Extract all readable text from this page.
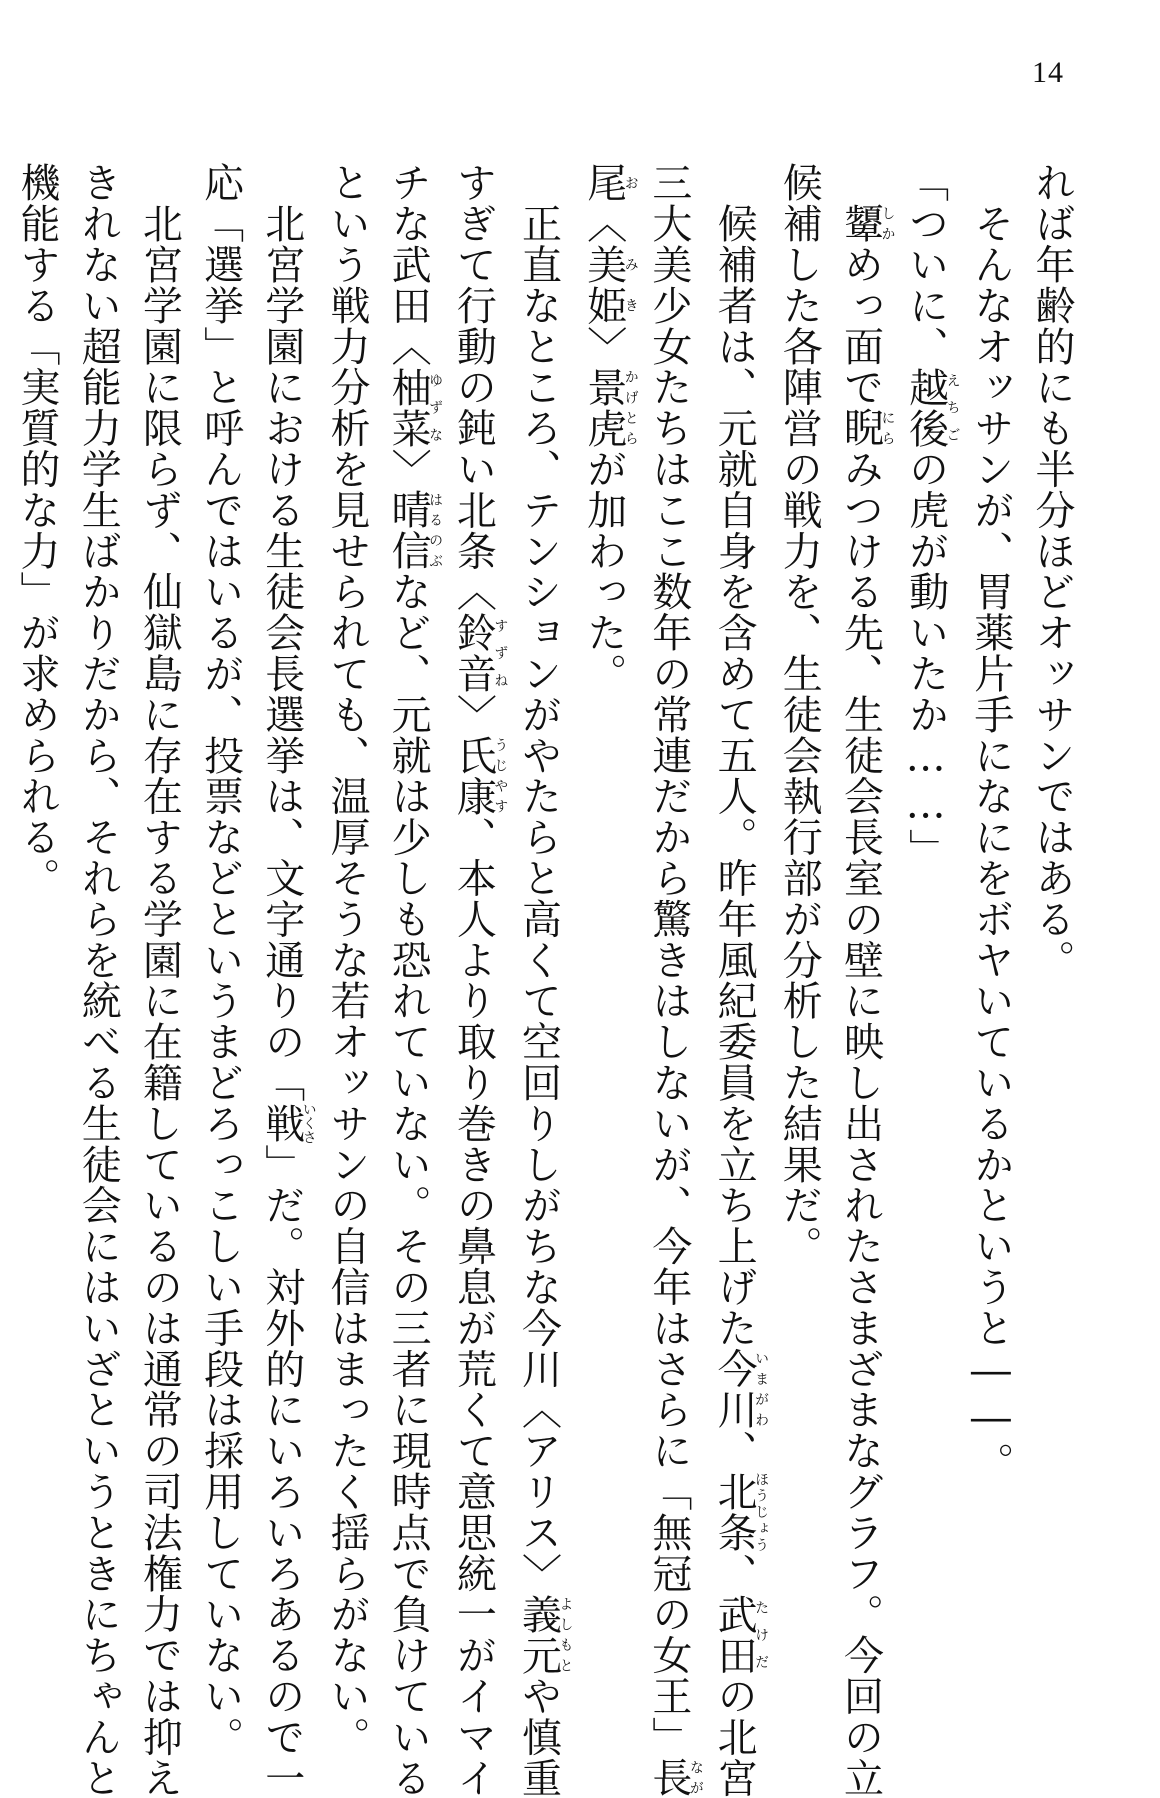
14
れば年齢的にも半分ほどオッサンではある。
　そんなオッサンが、胃薬片手になにをボヤいているかというと――。
「ついに、越後えちごの虎が動いたか……」
　顰しかめっ面で睨にらみつける先、生徒会長室の壁に映し出されたさまざまなグラフ。今回の立
候補した各陣営の戦力を、生徒会執行部が分析した結果だ。
　候補者は、元就自身を含めて五人。昨年風紀委員を立ち上げた今川いまがわ、北条ほうじょう、武田たけだの北宮
三大美少女たちはここ数年の常連だから驚きはしないが、今年はさらに「無冠の女王」長なが
尾お〈美姫みき〉景虎かげとらが加わった。
　正直なところ、テンションがやたらと高くて空回りしがちな今川〈アリス〉義元よしもとや慎重
すぎて行動の鈍い北条〈鈴音すずね〉氏康うじやす、本人より取り巻きの鼻息が荒くて意思統一がイマイ
チな武田〈柚菜ゆずな〉晴信はるのぶなど、元就は少しも恐れていない。その三者に現時点で負けている
という戦力分析を見せられても、温厚そうな若オッサンの自信はまったく揺らがない。
　北宮学園における生徒会長選挙は、文字通りの「戦いくさ」だ。対外的にいろいろあるので一
応「選挙」と呼んではいるが、投票などというまどろっこしい手段は採用していない。
　北宮学園に限らず、仙獄島に存在する学園に在籍しているのは通常の司法権力では抑え
きれない超能力学生ばかりだから、それらを統べる生徒会にはいざというときにちゃんと
機能する「実質的な力」が求められる。
